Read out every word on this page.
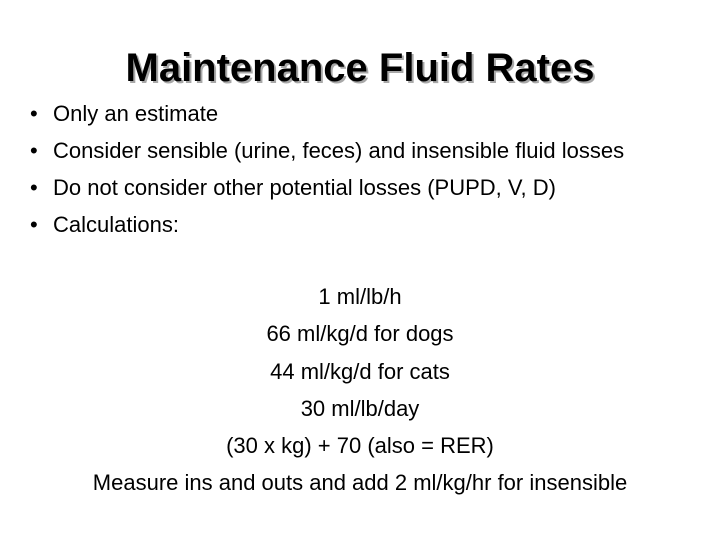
Maintenance Fluid Rates
• Only an estimate
• Consider sensible (urine, feces) and insensible fluid losses
• Do not consider other potential losses (PUPD, V, D)
• Calculations:
1 ml/lb/h
66 ml/kg/d for dogs
44 ml/kg/d for cats
30 ml/lb/day
(30 x kg) + 70 (also = RER)
Measure ins and outs and add 2 ml/kg/hr for insensible
